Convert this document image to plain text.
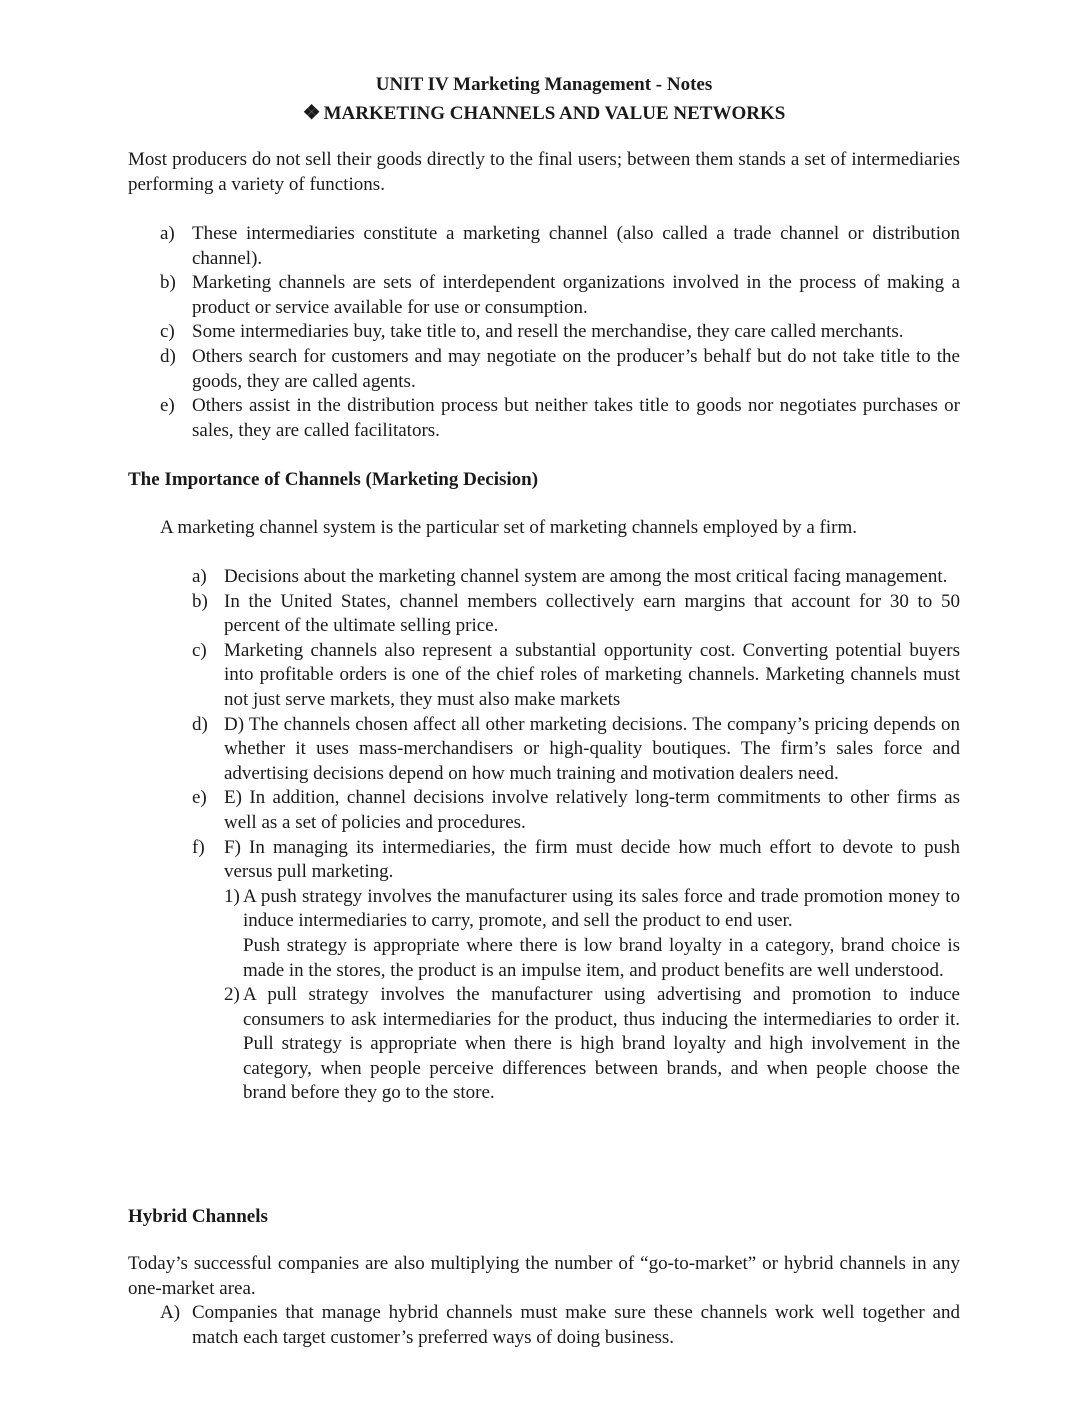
UNIT IV Marketing Management - Notes
❖ MARKETING CHANNELS AND VALUE NETWORKS

Most producers do not sell their goods directly to the final users; between them stands a set of intermediaries performing a variety of functions.

a) These intermediaries constitute a marketing channel (also called a trade channel or distribution channel).
b) Marketing channels are sets of interdependent organizations involved in the process of making a product or service available for use or consumption.
c) Some intermediaries buy, take title to, and resell the merchandise, they care called merchants.
d) Others search for customers and may negotiate on the producer’s behalf but do not take title to the goods, they are called agents.
e) Others assist in the distribution process but neither takes title to goods nor negotiates purchases or sales, they are called facilitators.
The Importance of Channels (Marketing Decision)

A marketing channel system is the particular set of marketing channels employed by a firm.

a) Decisions about the marketing channel system are among the most critical facing management.
b) In the United States, channel members collectively earn margins that account for 30 to 50 percent of the ultimate selling price.
c) Marketing channels also represent a substantial opportunity cost. Converting potential buyers into profitable orders is one of the chief roles of marketing channels. Marketing channels must not just serve markets, they must also make markets
d) D) The channels chosen affect all other marketing decisions. The company’s pricing depends on whether it uses mass-merchandisers or high-quality boutiques. The firm’s sales force and advertising decisions depend on how much training and motivation dealers need.
e) E) In addition, channel decisions involve relatively long-term commitments to other firms as well as a set of policies and procedures.
f) F) In managing its intermediaries, the firm must decide how much effort to devote to push versus pull marketing.
1) A push strategy involves the manufacturer using its sales force and trade promotion money to induce intermediaries to carry, promote, and sell the product to end user.
Push strategy is appropriate where there is low brand loyalty in a category, brand choice is made in the stores, the product is an impulse item, and product benefits are well understood.
2) A pull strategy involves the manufacturer using advertising and promotion to induce consumers to ask intermediaries for the product, thus inducing the intermediaries to order it. Pull strategy is appropriate when there is high brand loyalty and high involvement in the category, when people perceive differences between brands, and when people choose the brand before they go to the store.
Hybrid Channels

Today’s successful companies are also multiplying the number of “go-to-market” or hybrid channels in any one-market area.

A) Companies that manage hybrid channels must make sure these channels work well together and match each target customer’s preferred ways of doing business.
